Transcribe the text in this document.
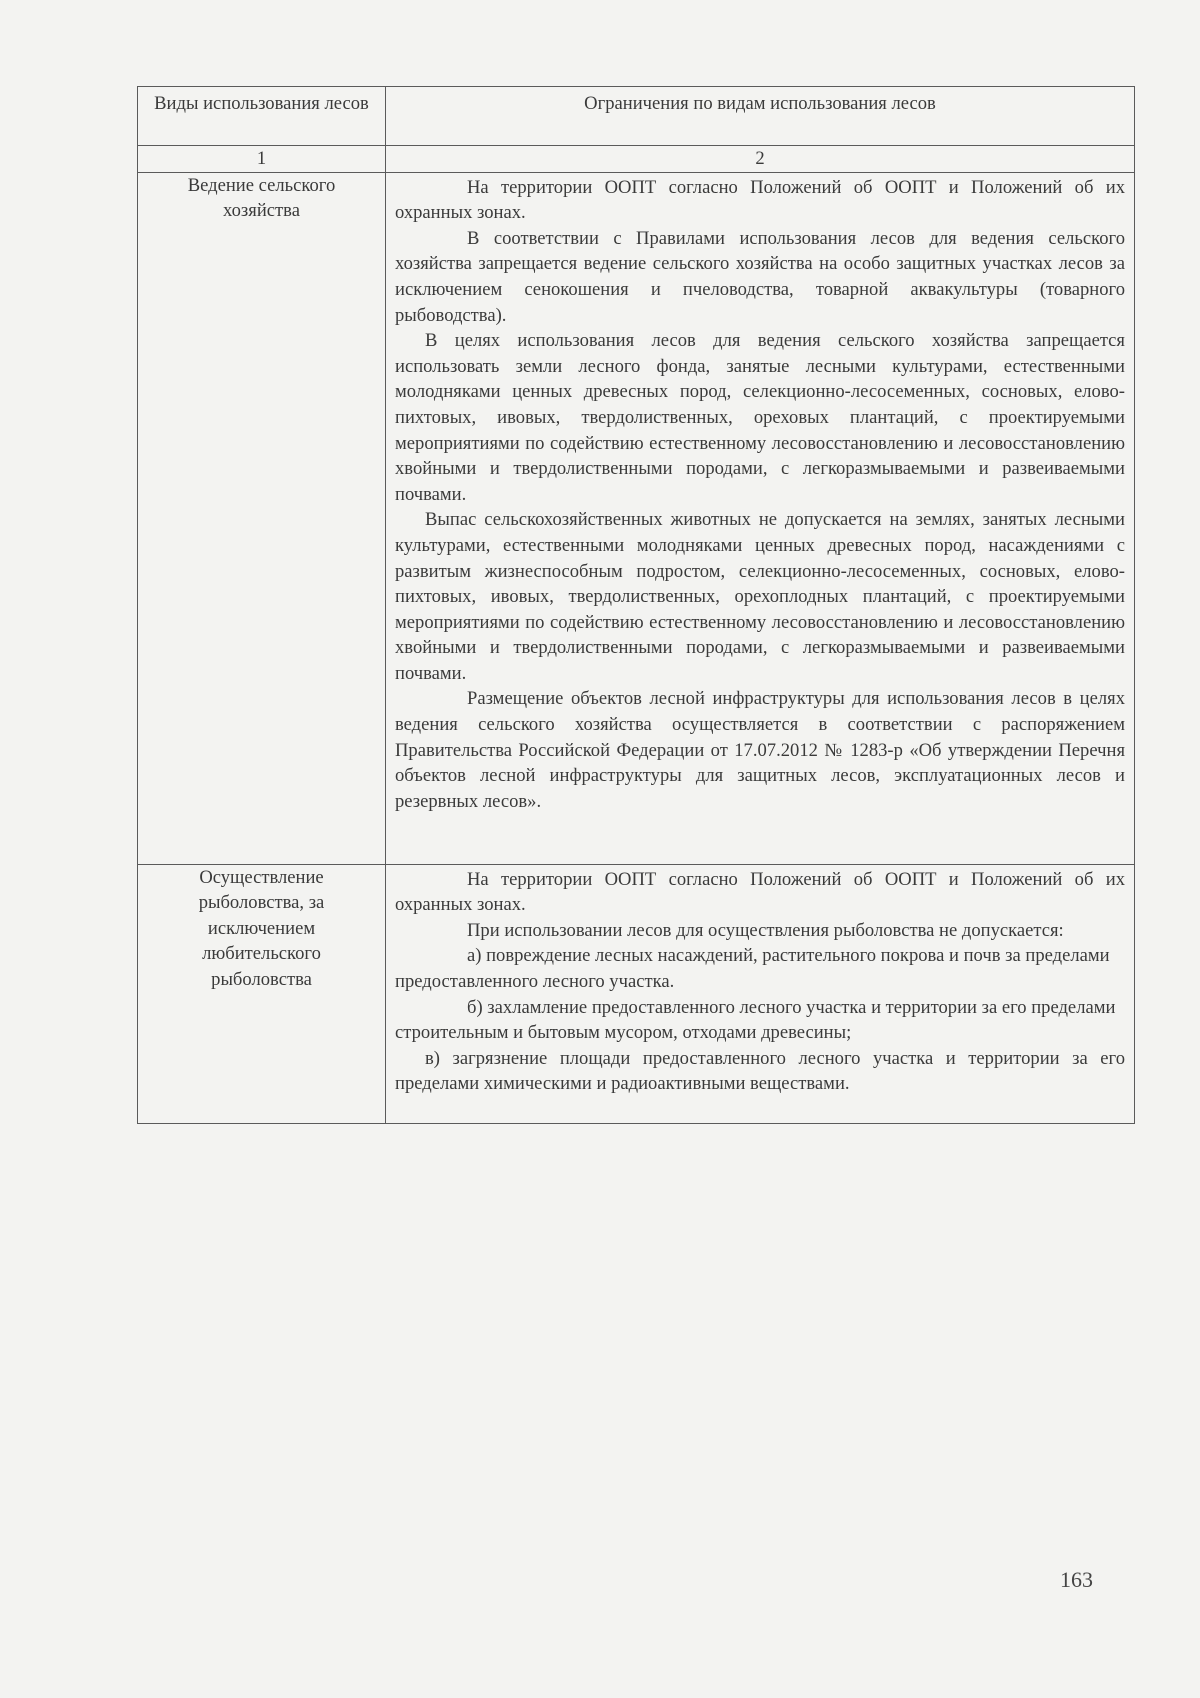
Виды использования лесов	Ограничения по видам использования лесов
1	2
Ведение сельского хозяйства	На территории ООПТ согласно Положений об ООПТ и Положений об их охранных зонах.

В соответствии с Правилами использования лесов для ведения сельского хозяйства запрещается ведение сельского хозяйства на особо защитных участках лесов за исключением сенокошения и пчеловодства, товарной аквакультуры (товарного рыбоводства).

В целях использования лесов для ведения сельского хозяйства запрещается использовать земли лесного фонда, занятые лесными культурами, естественными молодняками ценных древесных пород, селекционно-лесосеменных, сосновых, елово-пихтовых, ивовых, твердолиственных, ореховых плантаций, с проектируемыми мероприятиями по содействию естественному лесовосстановлению и лесовосстановлению хвойными и твердолиственными породами, с легкоразмываемыми и развеиваемыми почвами.

Выпас сельскохозяйственных животных не допускается на землях, занятых лесными культурами, естественными молодняками ценных древесных пород, насаждениями с развитым жизнеспособным подростом, селекционно-лесосеменных, сосновых, елово-пихтовых, ивовых, твердолиственных, орехоплодных плантаций, с проектируемыми мероприятиями по содействию естественному лесовосстановлению и лесовосстановлению хвойными и твердолиственными породами, с легкоразмываемыми и развеиваемыми почвами.

Размещение объектов лесной инфраструктуры для использования лесов в целях ведения сельского хозяйства осуществляется в соответствии с распоряжением Правительства Российской Федерации от 17.07.2012 № 1283-р «Об утверждении Перечня объектов лесной инфраструктуры для защитных лесов, эксплуатационных лесов и резервных лесов».

Осуществление рыболовства, за исключением любительского рыболовства	На территории ООПТ согласно Положений об ООПТ и Положений об их охранных зонах.

При использовании лесов для осуществления рыболовства не допускается:

а) повреждение лесных насаждений, растительного покрова и почв за пределами предоставленного лесного участка.

б) захламление предоставленного лесного участка и территории за его пределами строительным и бытовым мусором, отходами древесины;

в) загрязнение площади предоставленного лесного участка и территории за его пределами химическими и радиоактивными веществами.

163
